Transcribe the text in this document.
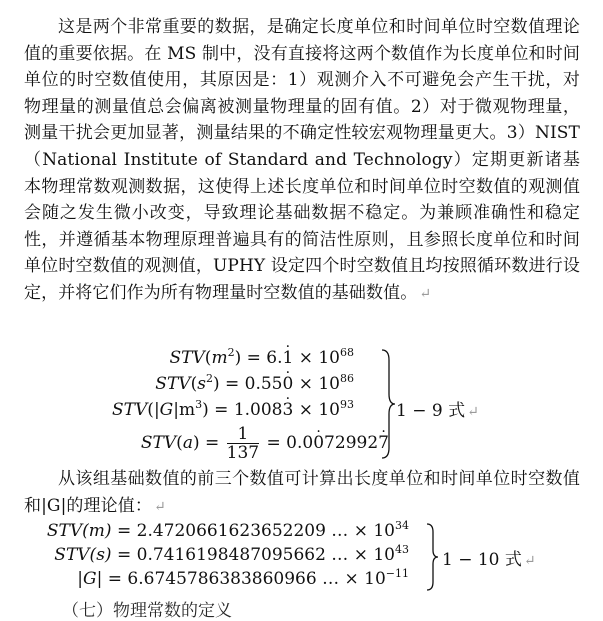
这是两个非常重要的数据，是确定长度单位和时间单位时空数值理论值的重要依据。在 MS 制中，没有直接将这两个数值作为长度单位和时间单位的时空数值使用，其原因是：1）观测介入不可避免会产生干扰，对物理量的测量值总会偏离被测量物理量的固有值。2）对于微观物理量，测量干扰会更加显著，测量结果的不确定性较宏观物理量更大。3）NIST（National Institute of Standard and Technology）定期更新诸基本物理常数观测数据，这使得上述长度单位和时间单位时空数值的观测值会随之发生微小改变，导致理论基础数据不稳定。为兼顾准确性和稳定性，并遵循基本物理原理普遍具有的简洁性原则，且参照长度单位和时间单位时空数值的观测值，UPHY 设定四个时空数值且均按照循环数进行设定，并将它们作为所有物理量时空数值的基础数值。 ↵

$STV(m^2) = 6.1$ · × $10^{68}$
$STV(s^2) = 0.550$ · × $10^{86}$
$STV(|G|m^3) = 1.0083$ · × $10^{93}$
$STV(a) = \frac{1}{137} = 0.00 \cdot 729927$ ·
1 − 9 式 ↵

从该组基础数值的前三个数值可计算出长度单位和时间单位时空数值和|G|的理论值： ↵

STV(m) = 2.4720661623652209 … × $10^{34}$
STV(s) = 0.7416198487095662 … × $10^{43}$
|G| = 6.6745786383860966 … × $10^{-11}$
1 − 10 式 ↵
（七）物理常数的定义
